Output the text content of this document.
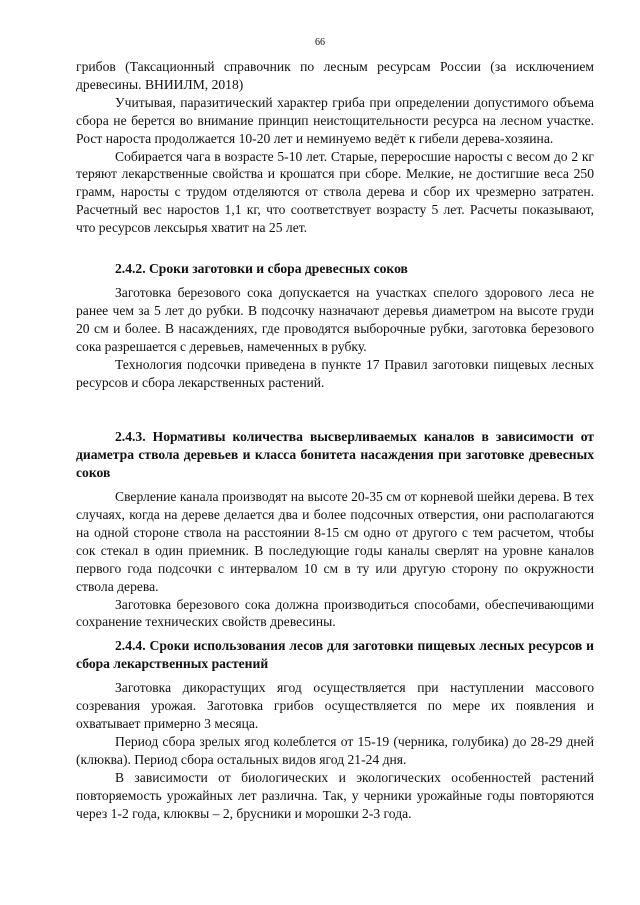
66

грибов (Таксационный справочник по лесным ресурсам России (за исключением древесины. ВНИИЛМ, 2018)

Учитывая, паразитический характер гриба при определении допустимого объема сбора не берется во внимание принцип неистощительности ресурса на лесном участке. Рост нароста продолжается 10-20 лет и неминуемо ведёт к гибели дерева-хозяина.

Собирается чага в возрасте 5-10 лет. Старые, переросшие наросты с весом до 2 кг теряют лекарственные свойства и крошатся при сборе. Мелкие, не достигшие веса 250 грамм, наросты с трудом отделяются от ствола дерева и сбор их чрезмерно затратен. Расчетный вес наростов 1,1 кг, что соответствует возрасту 5 лет. Расчеты показывают, что ресурсов лексырья хватит на 25 лет.

2.4.2. Сроки заготовки и сбора древесных соков

Заготовка березового сока допускается на участках спелого здорового леса не ранее чем за 5 лет до рубки. В подсочку назначают деревья диаметром на высоте груди 20 см и более. В насаждениях, где проводятся выборочные рубки, заготовка березового сока разрешается с деревьев, намеченных в рубку.

Технология подсочки приведена в пункте 17 Правил заготовки пищевых лесных ресурсов и сбора лекарственных растений.

2.4.3. Нормативы количества высверливаемых каналов в зависимости от диаметра ствола деревьев и класса бонитета насаждения при заготовке древесных соков

Сверление канала производят на высоте 20-35 см от корневой шейки дерева. В тех случаях, когда на дереве делается два и более подсочных отверстия, они располагаются на одной стороне ствола на расстоянии 8-15 см одно от другого с тем расчетом, чтобы сок стекал в один приемник. В последующие годы каналы сверлят на уровне каналов первого года подсочки с интервалом 10 см в ту или другую сторону по окружности ствола дерева.

Заготовка березового сока должна производиться способами, обеспечивающими сохранение технических свойств древесины.

2.4.4. Сроки использования лесов для заготовки пищевых лесных ресурсов и сбора лекарственных растений

Заготовка дикорастущих ягод осуществляется при наступлении массового созревания урожая. Заготовка грибов осуществляется по мере их появления и охватывает примерно 3 месяца.

Период сбора зрелых ягод колеблется от 15-19 (черника, голубика) до 28-29 дней (клюква). Период сбора остальных видов ягод 21-24 дня.

В зависимости от биологических и экологических особенностей растений повторяемость урожайных лет различна. Так, у черники урожайные годы повторяются через 1-2 года, клюквы – 2, брусники и морошки 2-3 года.
